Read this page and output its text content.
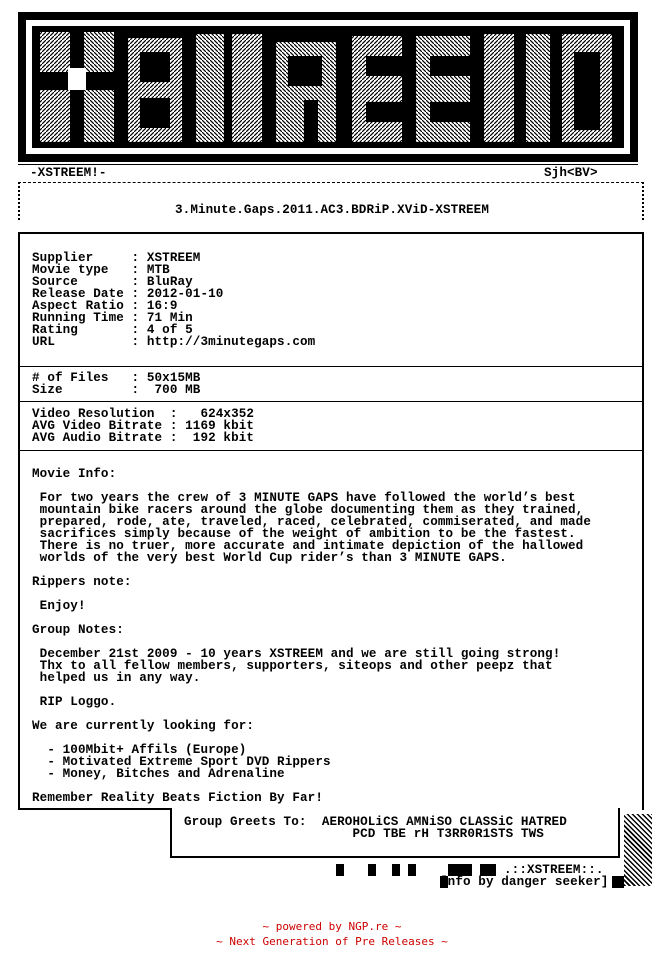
-XSTREEM!-	Sjh<BV>
3.Minute.Gaps.2011.AC3.BDRiP.XViD-XSTREEM
Supplier     : XSTREEM
Movie type   : MTB
Source       : BluRay
Release Date : 2012-01-10
Aspect Ratio : 16:9
Running Time : 71 Min
Rating       : 4 of 5
URL          : http://3minutegaps.com
# of Files   : 50x15MB
Size         :  700 MB
Video Resolution  :   624x352
AVG Video Bitrate : 1169 kbit
AVG Audio Bitrate :  192 kbit
Movie Info:
For two years the crew of 3 MINUTE GAPS have followed the world’s best
mountain bike racers around the globe documenting them as they trained,
prepared, rode, ate, traveled, raced, celebrated, commiserated, and made
sacrifices simply because of the weight of ambition to be the fastest.
There is no truer, more accurate and intimate depiction of the hallowed
worlds of the very best World Cup rider’s than 3 MINUTE GAPS.
Rippers note:
Enjoy!
Group Notes:
December 21st 2009 - 10 years XSTREEM and we are still going strong!
Thx to all fellow members, supporters, siteops and other peepz that
helped us in any way.
RIP Loggo.
We are currently looking for:
- 100Mbit+ Affils (Europe)
- Motivated Extreme Sport DVD Rippers
- Money, Bitches and Adrenaline
Remember Reality Beats Fiction By Far!
Group Greets To:  AEROHOLiCS AMNiSO CLASSiC HATRED
PCD TBE rH T3RR0R1STS TWS
.::XSTREEM::.
[nfo by danger seeker]
~ powered by NGP.re ~
~ Next Generation of Pre Releases ~
